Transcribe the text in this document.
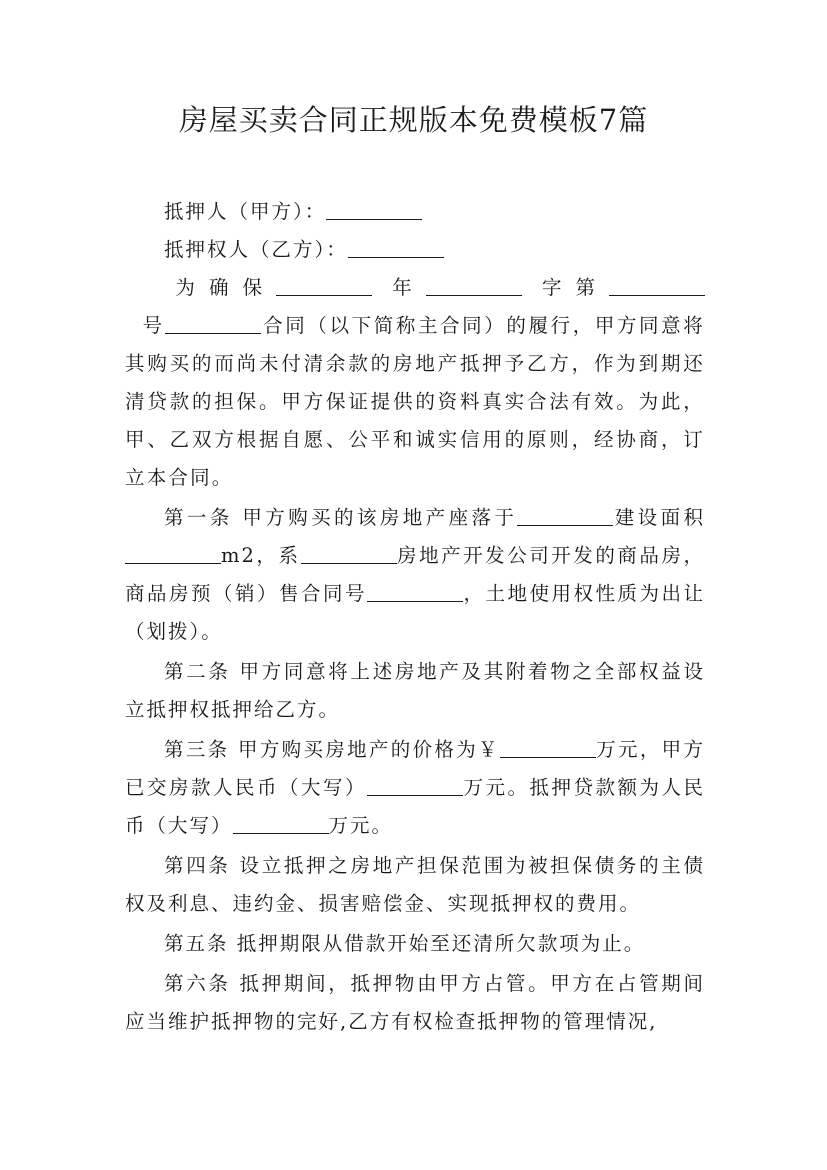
房屋买卖合同正规版本免费模板7篇

抵押人（甲方）：

抵押权人（乙方）：

为确保	年	字第  号	合同（以下简称主合同）的履行，甲方同意将其购买的而尚未付清余款的房地产抵押予乙方，作为到期还清贷款的担保。甲方保证提供的资料真实合法有效。为此，甲、乙双方根据自愿、公平和诚实信用的原则，经协商，订立本合同。

第一条 甲方购买的该房地产座落于	建设面积m2，系	房地产开发公司开发的商品房，商品房预（销）售合同号	，土地使用权性质为出让（划拨）。

第二条 甲方同意将上述房地产及其附着物之全部权益设立抵押权抵押给乙方。

第三条 甲方购买房地产的价格为￥	万元，甲方已交房款人民币（大写）	万元。抵押贷款额为人民币（大写）	万元。

第四条 设立抵押之房地产担保范围为被担保债务的主债权及利息、违约金、损害赔偿金、实现抵押权的费用。

第五条 抵押期限从借款开始至还清所欠款项为止。

第六条 抵押期间，抵押物由甲方占管。甲方在占管期间应当维护抵押物的完好,乙方有权检查抵押物的管理情况,
